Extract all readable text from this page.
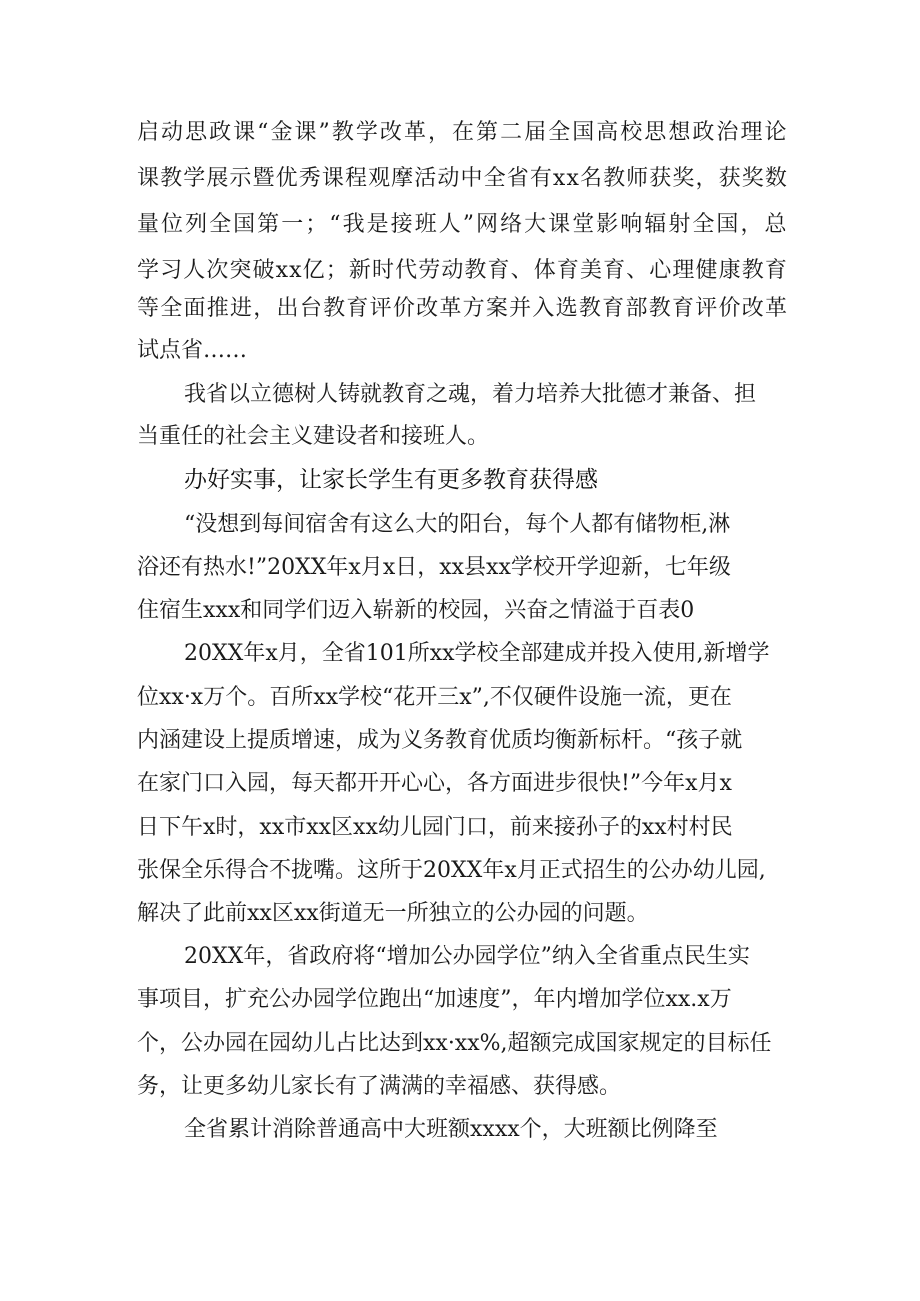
启动思政课“金课”教学改革，在第二届全国高校思想政治理论

课教学展示暨优秀课程观摩活动中全省有xx名教师获奖，获奖数

量位列全国第一；“我是接班人”网络大课堂影响辐射全国，总

学习人次突破xx亿；新时代劳动教育、体育美育、心理健康教育

等全面推进，出台教育评价改革方案并入选教育部教育评价改革

试点省……

我省以立德树人铸就教育之魂，着力培养大批德才兼备、担

当重任的社会主义建设者和接班人。

办好实事，让家长学生有更多教育获得感

“没想到每间宿舍有这么大的阳台，每个人都有储物柜,淋

浴还有热水!”20XX年x月x日，xx县xx学校开学迎新，七年级

住宿生xxx和同学们迈入崭新的校园，兴奋之情溢于百表0

20XX年x月，全省101所xx学校全部建成并投入使用,新增学

位xx·x万个。百所xx学校“花开三x”,不仅硬件设施一流，更在

内涵建设上提质增速，成为义务教育优质均衡新标杆。“孩子就

在家门口入园，每天都开开心心，各方面进步很快!”今年x月x

日下午x时，xx市xx区xx幼儿园门口，前来接孙子的xx村村民

张保全乐得合不拢嘴。这所于20XX年x月正式招生的公办幼儿园,

解决了此前xx区xx街道无一所独立的公办园的问题。

20XX年，省政府将“增加公办园学位”纳入全省重点民生实

事项目，扩充公办园学位跑出“加速度”，年内增加学位xx.x万

个，公办园在园幼儿占比达到xx·xx%,超额完成国家规定的目标任

务，让更多幼儿家长有了满满的幸福感、获得感。

全省累计消除普通高中大班额xxxx个，大班额比例降至
